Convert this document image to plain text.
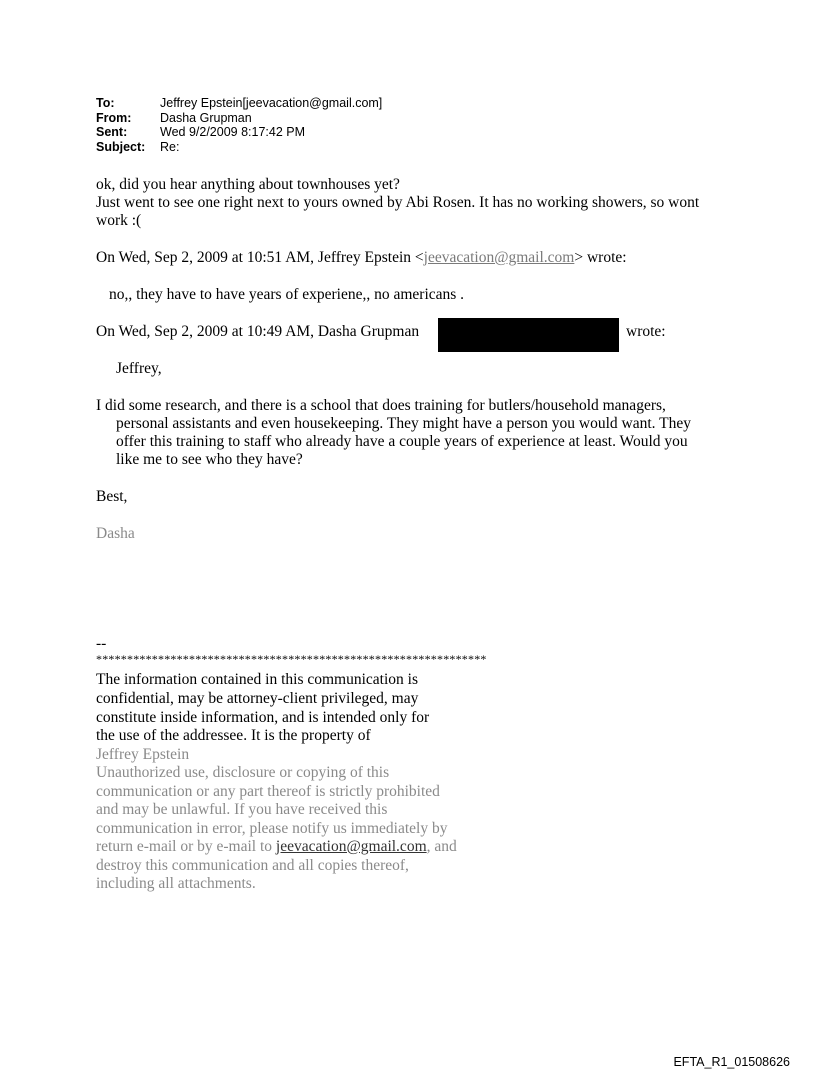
To:	Jeffrey Epstein[jeevacation@gmail.com]
From:	Dasha Grupman
Sent:	Wed 9/2/2009 8:17:42 PM
Subject:	Re:
ok, did you hear anything about townhouses yet?
Just went to see one right next to yours owned by Abi Rosen. It has no working showers, so wont
work :(
On Wed, Sep 2, 2009 at 10:51 AM, Jeffrey Epstein <jeevacation@gmail.com> wrote:
no,, they have to have years of experiene,, no americans .
On Wed, Sep 2, 2009 at 10:49 AM, Dasha Grupman	wrote:
Jeffrey,
I did some research, and there is a school that does training for butlers/household managers,
personal assistants and even housekeeping. They might have a person you would want. They
offer this training to staff who already have a couple years of experience at least. Would you
like me to see who they have?
Best,
Dasha
--
***************************************************************
The information contained in this communication is
confidential, may be attorney-client privileged, may
constitute inside information, and is intended only for
the use of the addressee. It is the property of
Jeffrey Epstein
Unauthorized use, disclosure or copying of this
communication or any part thereof is strictly prohibited
and may be unlawful. If you have received this
communication in error, please notify us immediately by
return e-mail or by e-mail to jeevacation@gmail.com, and
destroy this communication and all copies thereof,
including all attachments.
EFTA_R1_01508626
